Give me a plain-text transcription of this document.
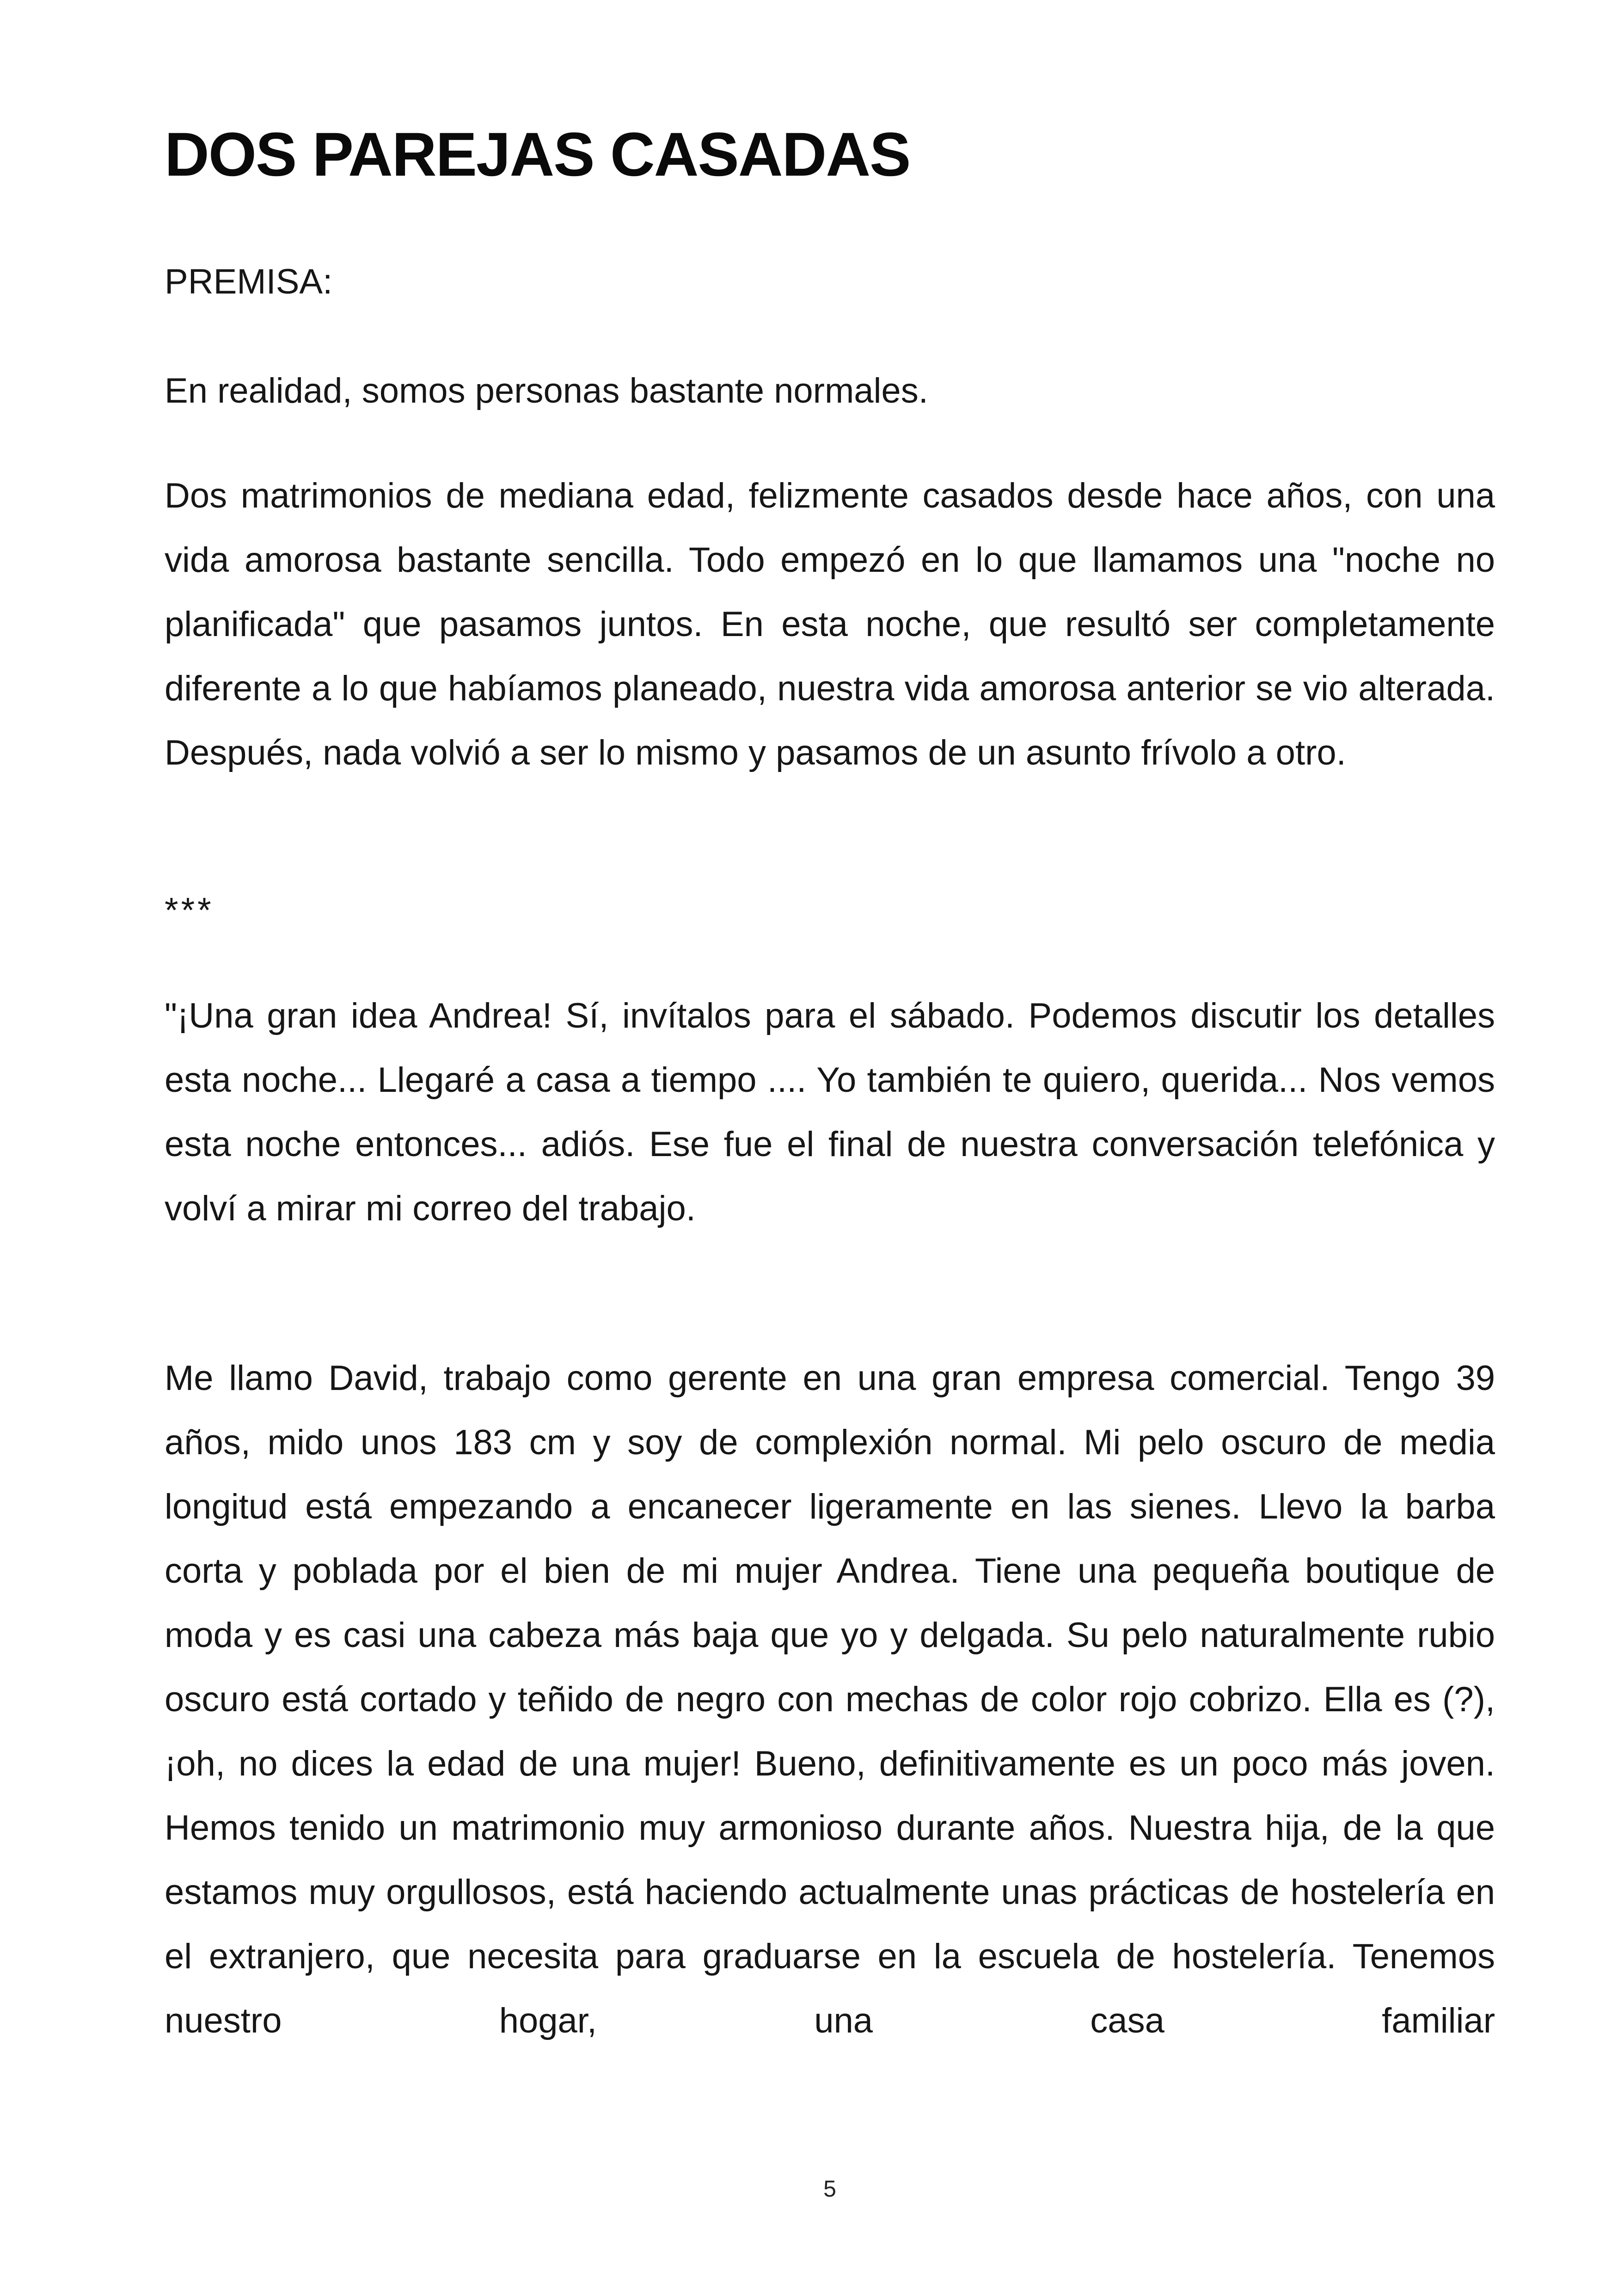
DOS PAREJAS CASADAS

PREMISA:

En realidad, somos personas bastante normales.

Dos matrimonios de mediana edad, felizmente casados desde hace años, con una vida amorosa bastante sencilla. Todo empezó en lo que llamamos una "noche no planificada" que pasamos juntos. En esta noche, que resultó ser completamente diferente a lo que habíamos planeado, nuestra vida amorosa anterior se vio alterada. Después, nada volvió a ser lo mismo y pasamos de un asunto frívolo a otro.

***

"¡Una gran idea Andrea! Sí, invítalos para el sábado. Podemos discutir los detalles esta noche... Llegaré a casa a tiempo .... Yo también te quiero, querida... Nos vemos esta noche entonces... adiós. Ese fue el final de nuestra conversación telefónica y volví a mirar mi correo del trabajo.

Me llamo David, trabajo como gerente en una gran empresa comercial. Tengo 39 años, mido unos 183 cm y soy de complexión normal. Mi pelo oscuro de media longitud está empezando a encanecer ligeramente en las sienes. Llevo la barba corta y poblada por el bien de mi mujer Andrea. Tiene una pequeña boutique de moda y es casi una cabeza más baja que yo y delgada. Su pelo naturalmente rubio oscuro está cortado y teñido de negro con mechas de color rojo cobrizo. Ella es (?), ¡oh, no dices la edad de una mujer! Bueno, definitivamente es un poco más joven. Hemos tenido un matrimonio muy armonioso durante años. Nuestra hija, de la que estamos muy orgullosos, está haciendo actualmente unas prácticas de hostelería en el extranjero, que necesita para graduarse en la escuela de hostelería. Tenemos nuestro hogar, una casa familiar

5
